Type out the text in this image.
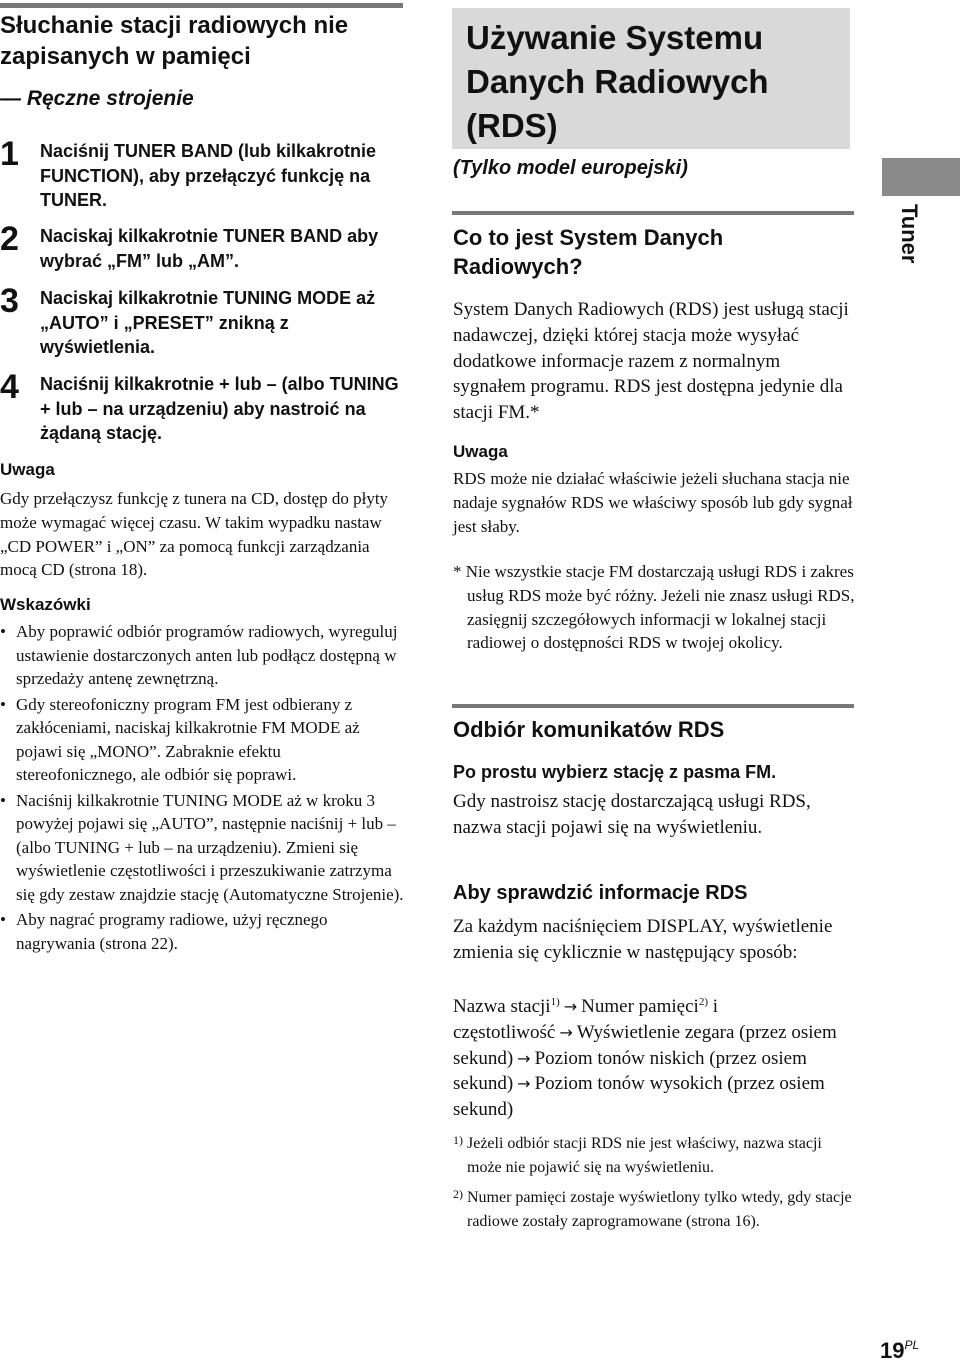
Słuchanie stacji radiowych nie zapisanych w pamięci

— Ręczne strojenie

1 Naciśnij TUNER BAND (lub kilkakrotnie FUNCTION), aby przełączyć funkcję na TUNER.
2 Naciskaj kilkakrotnie TUNER BAND aby wybrać „FM” lub „AM”.
3 Naciskaj kilkakrotnie TUNING MODE aż „AUTO” i „PRESET” znikną z wyświetlenia.
4 Naciśnij kilkakrotnie + lub – (albo TUNING + lub – na urządzeniu) aby nastroić na żądaną stację.

Uwaga

Gdy przełączysz funkcję z tunera na CD, dostęp do płyty może wymagać więcej czasu. W takim wypadku nastaw „CD POWER” i „ON” za pomocą funkcji zarządzania mocą CD (strona 18).

Wskazówki

• Aby poprawić odbiór programów radiowych, wyreguluj ustawienie dostarczonych anten lub podłącz dostępną w sprzedaży antenę zewnętrzną.
• Gdy stereofoniczny program FM jest odbierany z zakłóceniami, naciskaj kilkakrotnie FM MODE aż pojawi się „MONO”. Zabraknie efektu stereofonicznego, ale odbiór się poprawi.
• Naciśnij kilkakrotnie TUNING MODE aż w kroku 3 powyżej pojawi się „AUTO”, następnie naciśnij + lub – (albo TUNING + lub – na urządzeniu). Zmieni się wyświetlenie częstotliwości i przeszukiwanie zatrzyma się gdy zestaw znajdzie stację (Automatyczne Strojenie).
• Aby nagrać programy radiowe, użyj ręcznego nagrywania (strona 22).
Używanie Systemu Danych Radiowych (RDS)

(Tylko model europejski)

Co to jest System Danych Radiowych?

System Danych Radiowych (RDS) jest usługą stacji nadawczej, dzięki której stacja może wysyłać dodatkowe informacje razem z normalnym sygnałem programu. RDS jest dostępna jedynie dla stacji FM.*

Uwaga

RDS może nie działać właściwie jeżeli słuchana stacja nie nadaje sygnałów RDS we właściwy sposób lub gdy sygnał jest słaby.

* Nie wszystkie stacje FM dostarczają usługi RDS i zakres usług RDS może być różny. Jeżeli nie znasz usługi RDS, zasięgnij szczegółowych informacji w lokalnej stacji radiowej o dostępności RDS w twojej okolicy.

Odbiór komunikatów RDS

Po prostu wybierz stację z pasma FM.

Gdy nastroisz stację dostarczającą usługi RDS, nazwa stacji pojawi się na wyświetleniu.

Aby sprawdzić informacje RDS

Za każdym naciśnięciem DISPLAY, wyświetlenie zmienia się cyklicznie w następujący sposób:

Nazwa stacji$^{1)}$ → Numer pamięci$^{2)}$ i częstotliwość → Wyświetlenie zegara (przez osiem sekund) → Poziom tonów niskich (przez osiem sekund) → Poziom tonów wysokich (przez osiem sekund)

1) Jeżeli odbiór stacji RDS nie jest właściwy, nazwa stacji może nie pojawić się na wyświetleniu.

2) Numer pamięci zostaje wyświetlony tylko wtedy, gdy stacje radiowe zostały zaprogramowane (strona 16).

Tuner
$19^{PL}$
